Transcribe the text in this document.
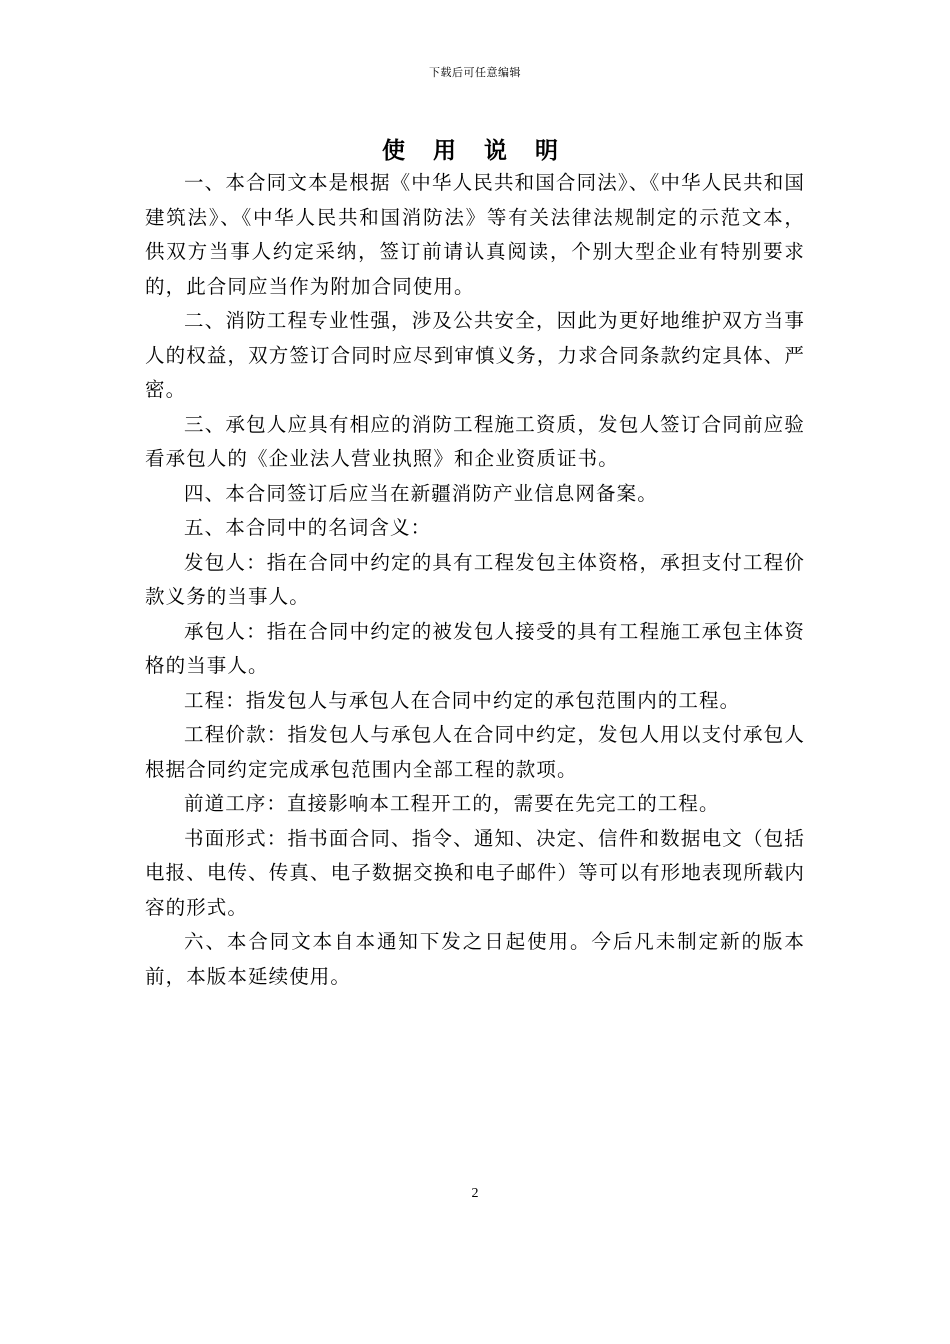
下载后可任意编辑
使 用 说 明

一、本合同文本是根据《中华人民共和国合同法》、《中华人民共和国建筑法》、《中华人民共和国消防法》等有关法律法规制定的示范文本，供双方当事人约定采纳，签订前请认真阅读，个别大型企业有特别要求的，此合同应当作为附加合同使用。

二、消防工程专业性强，涉及公共安全，因此为更好地维护双方当事人的权益，双方签订合同时应尽到审慎义务，力求合同条款约定具体、严密。

三、承包人应具有相应的消防工程施工资质，发包人签订合同前应验看承包人的《企业法人营业执照》和企业资质证书。

四、本合同签订后应当在新疆消防产业信息网备案。

五、本合同中的名词含义：

发包人：指在合同中约定的具有工程发包主体资格，承担支付工程价款义务的当事人。

承包人：指在合同中约定的被发包人接受的具有工程施工承包主体资格的当事人。

工程：指发包人与承包人在合同中约定的承包范围内的工程。

工程价款：指发包人与承包人在合同中约定，发包人用以支付承包人根据合同约定完成承包范围内全部工程的款项。

前道工序：直接影响本工程开工的，需要在先完工的工程。

书面形式：指书面合同、指令、通知、决定、信件和数据电文（包括电报、电传、传真、电子数据交换和电子邮件）等可以有形地表现所载内容的形式。

六、本合同文本自本通知下发之日起使用。今后凡未制定新的版本前，本版本延续使用。

2
